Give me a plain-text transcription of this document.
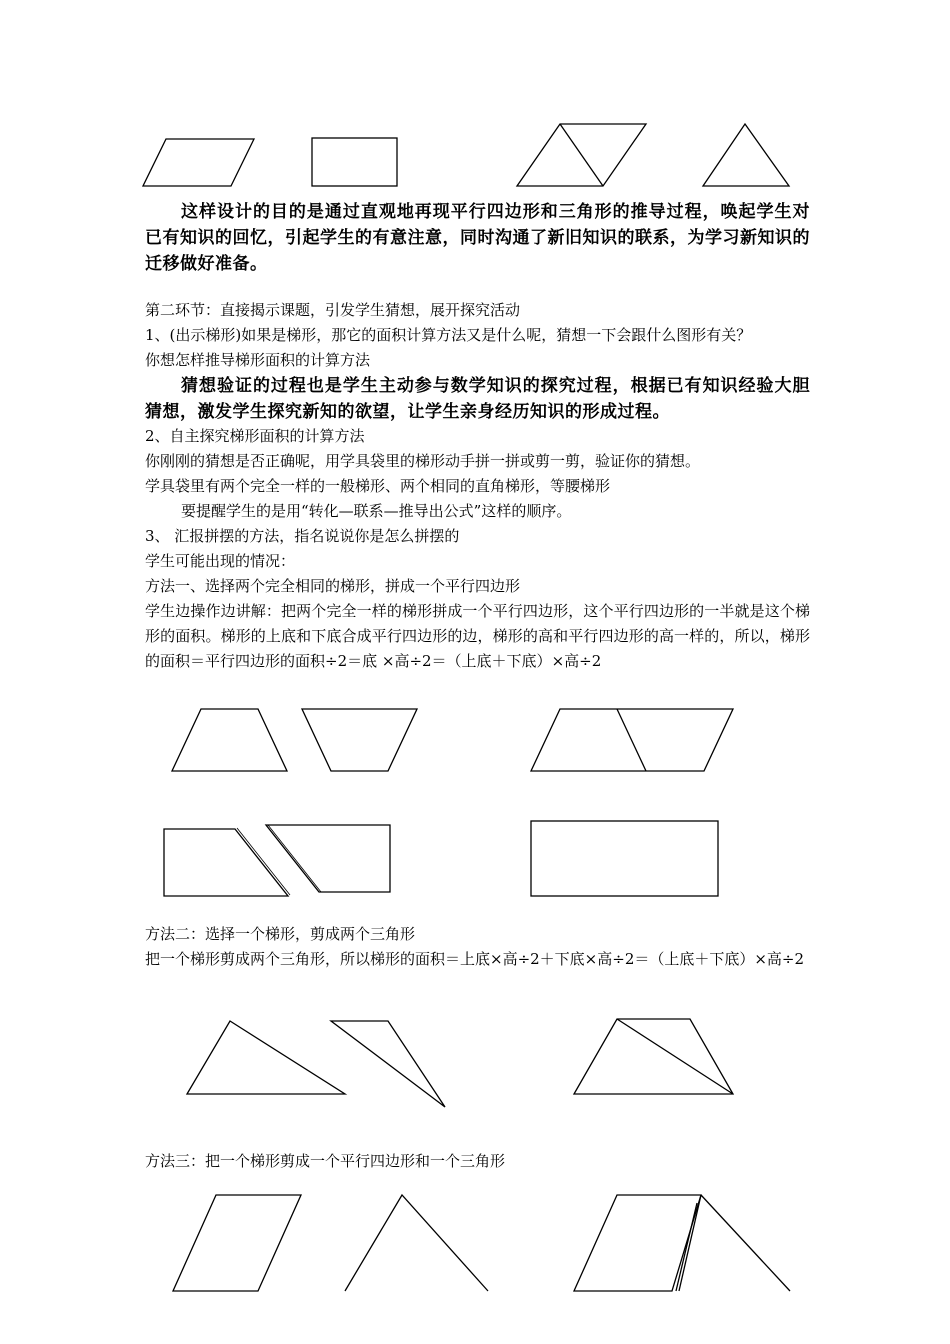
这样设计的目的是通过直观地再现平行四边形和三角形的推导过程，唤起学生对已有知识的回忆，引起学生的有意注意，同时沟通了新旧知识的联系，为学习新知识的迁移做好准备。
第二环节：直接揭示课题，引发学生猜想，展开探究活动
1、(出示梯形)如果是梯形，那它的面积计算方法又是什么呢，猜想一下会跟什么图形有关？
你想怎样推导梯形面积的计算方法
猜想验证的过程也是学生主动参与数学知识的探究过程，根据已有知识经验大胆猜想，激发学生探究新知的欲望，让学生亲身经历知识的形成过程。
2、自主探究梯形面积的计算方法
你刚刚的猜想是否正确呢，用学具袋里的梯形动手拼一拼或剪一剪，验证你的猜想。
学具袋里有两个完全一样的一般梯形、两个相同的直角梯形，等腰梯形
要提醒学生的是用“转化—联系—推导出公式”这样的顺序。
3、 汇报拼摆的方法，指名说说你是怎么拼摆的
学生可能出现的情况：
方法一、选择两个完全相同的梯形，拼成一个平行四边形
学生边操作边讲解：把两个完全一样的梯形拼成一个平行四边形，这个平行四边形的一半就是这个梯形的面积。梯形的上底和下底合成平行四边形的边，梯形的高和平行四边形的高一样的，所以，梯形的面积＝平行四边形的面积÷2＝底 ×高÷2＝（上底＋下底）×高÷2
方法二：选择一个梯形，剪成两个三角形
把一个梯形剪成两个三角形，所以梯形的面积＝上底×高÷2＋下底×高÷2＝（上底＋下底）×高÷2
方法三：把一个梯形剪成一个平行四边形和一个三角形
